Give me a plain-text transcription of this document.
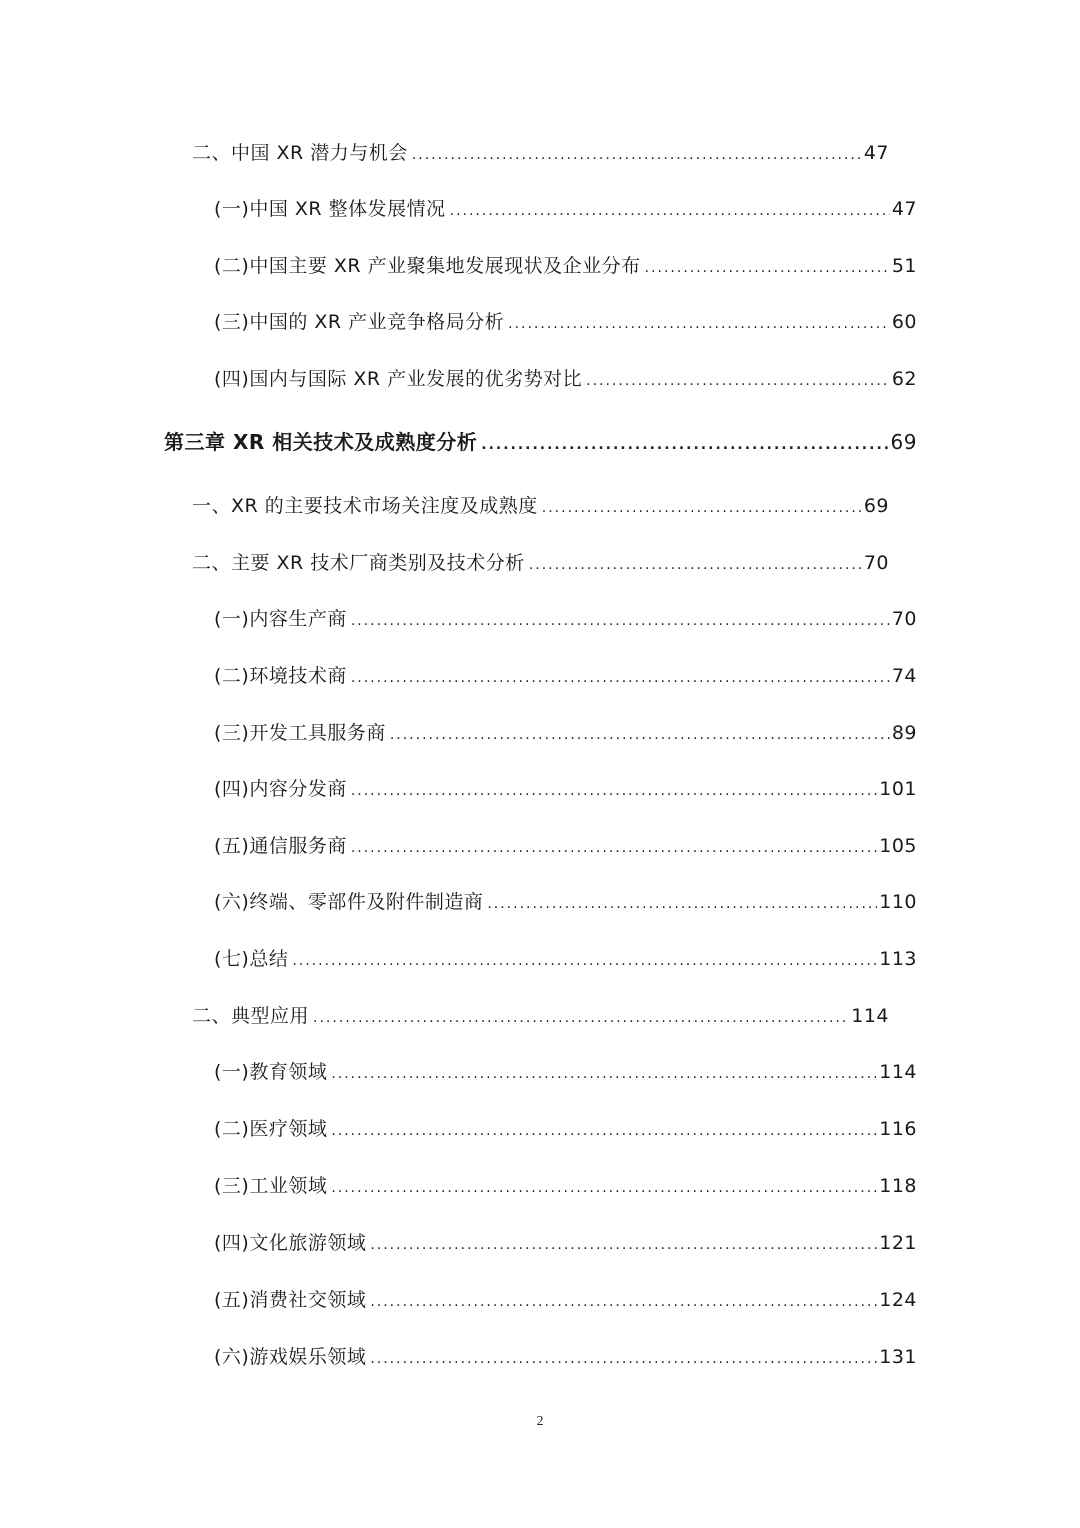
二、中国 XR 潜力与机会 .....	47
(一)中国 XR 整体发展情况 .....	47
(二)中国主要 XR 产业聚集地发展现状及企业分布 .....	51
(三)中国的 XR 产业竞争格局分析 .....	60
(四)国内与国际 XR 产业发展的优劣势对比 .....	62
第三章 XR 相关技术及成熟度分析 .....	69
一、XR 的主要技术市场关注度及成熟度 .....	69
二、主要 XR 技术厂商类别及技术分析 .....	70
(一)内容生产商 .....	70
(二)环境技术商 .....	74
(三)开发工具服务商 .....	89
(四)内容分发商 .....	101
(五)通信服务商 .....	105
(六)终端、零部件及附件制造商 .....	110
(七)总结 .....	113
二、典型应用 .....	114
(一)教育领域 .....	114
(二)医疗领域 .....	116
(三)工业领域 .....	118
(四)文化旅游领域 .....	121
(五)消费社交领域 .....	124
(六)游戏娱乐领域 .....	131
2
